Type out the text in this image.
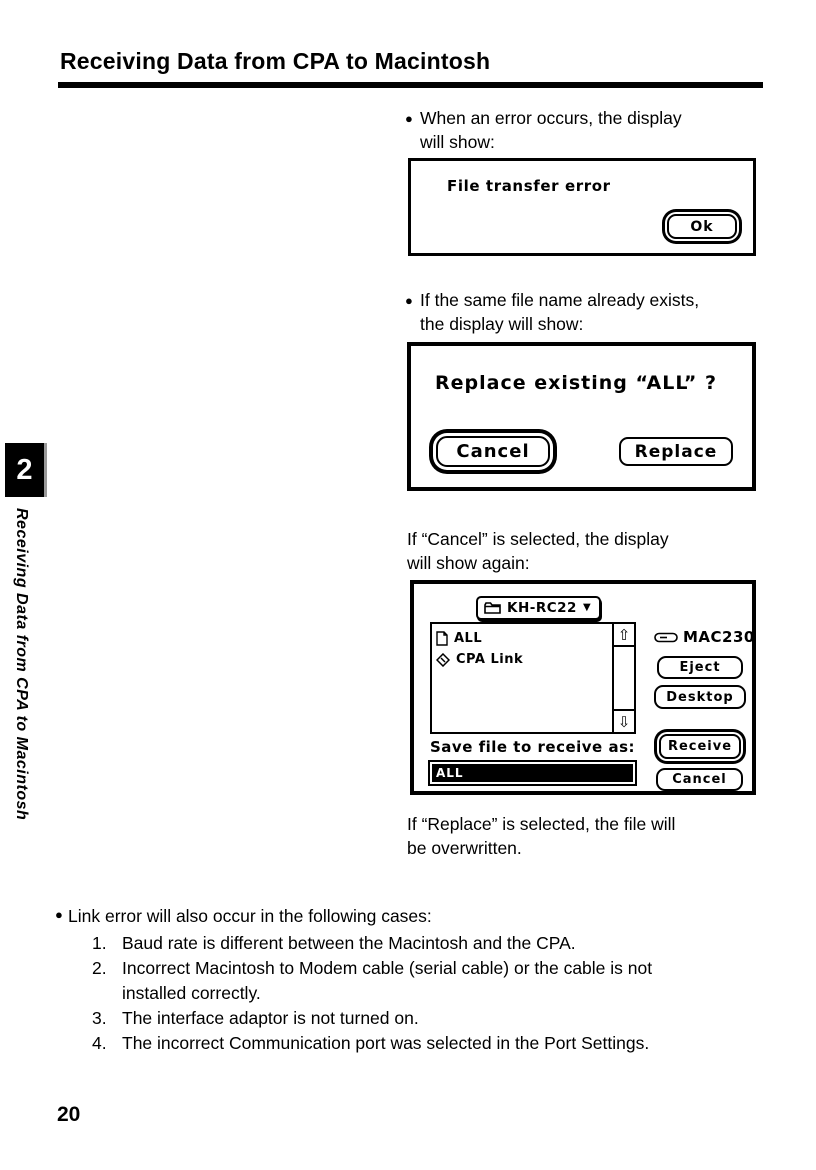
Receiving Data from CPA to Macintosh
2
Receiving Data from CPA to Macintosh
● When an error occurs, the display
will show:
File transfer error
Ok
● If the same file name already exists,
the display will show:
Replace existing “ALL” ?
Cancel	Replace
If “Cancel” is selected, the display
will show again:
KH-RC22 ▼
ALL
CPA Link
⇧
⇩
MAC230
Eject
Desktop
Receive
Cancel
Save file to receive as:
ALL
If “Replace” is selected, the file will
be overwritten.
● Link error will also occur in the following cases:
1. Baud rate is different between the Macintosh and the CPA.
2. Incorrect Macintosh to Modem cable (serial cable) or the cable is not installed correctly.
3. The interface adaptor is not turned on.
4. The incorrect Communication port was selected in the Port Settings.
20
